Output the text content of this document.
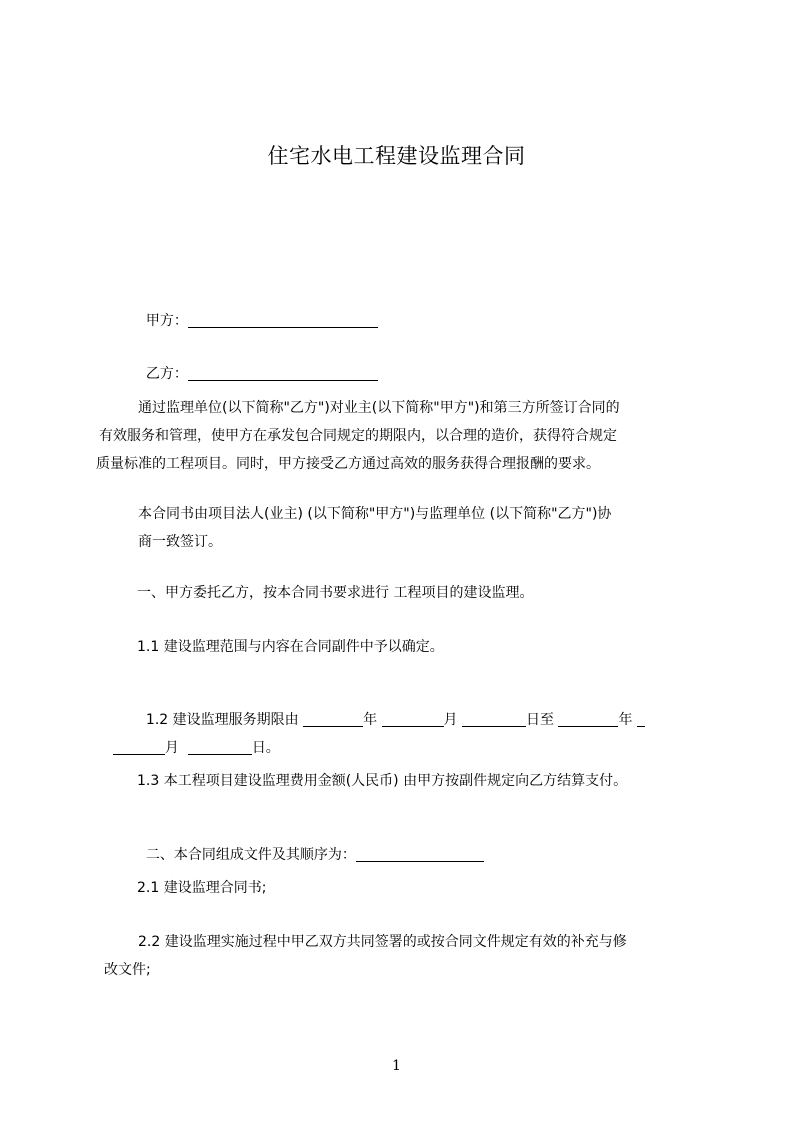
住宅水电工程建设监理合同

甲方：

乙方：

通过监理单位(以下简称"乙方")对业主(以下简称"甲方")和第三方所签订合同的
有效服务和管理，使甲方在承发包合同规定的期限内，以合理的造价，获得符合规定
质量标准的工程项目。同时，甲方接受乙方通过高效的服务获得合理报酬的要求。
本合同书由项目法人(业主) (以下简称"甲方")与监理单位 (以下简称"乙方")协
商一致签订。
一、甲方委托乙方，按本合同书要求进行 工程项目的建设监理。
1.1 建设监理范围与内容在合同副件中予以确定。

1.2 建设监理服务期限由	年	月	日至	年

月	日。

1.3 本工程项目建设监理费用金额(人民币) 由甲方按副件规定向乙方结算支付。

二、本合同组成文件及其顺序为：

2.1 建设监理合同书;
2.2 建设监理实施过程中甲乙双方共同签署的或按合同文件规定有效的补充与修
改文件;
1
